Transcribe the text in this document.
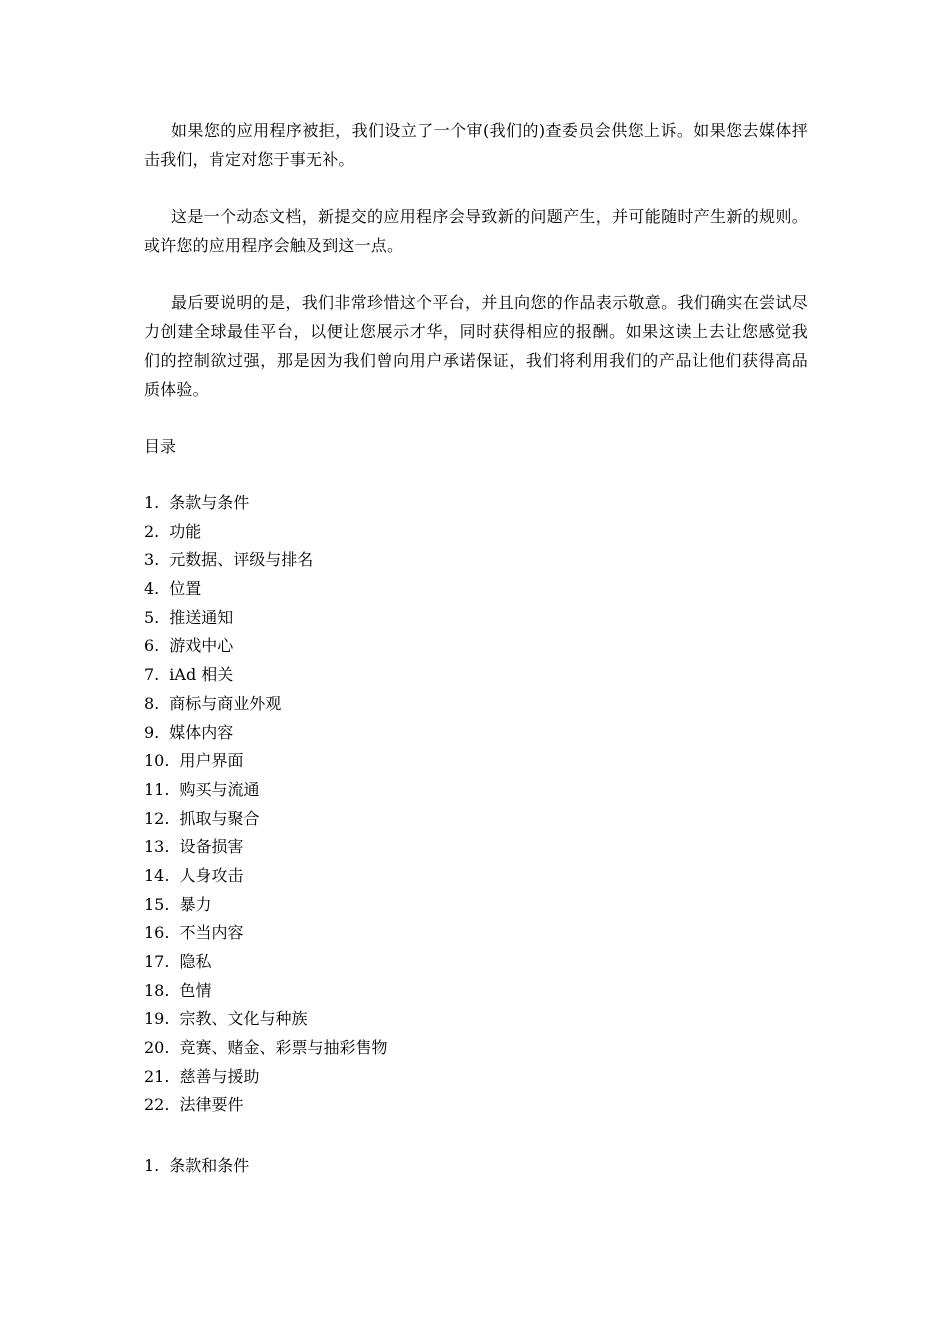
如果您的应用程序被拒，我们设立了一个审(我们的)查委员会供您上诉。如果您去媒体抨击我们，肯定对您于事无补。

这是一个动态文档，新提交的应用程序会导致新的问题产生，并可能随时产生新的规则。或许您的应用程序会触及到这一点。

最后要说明的是，我们非常珍惜这个平台，并且向您的作品表示敬意。我们确实在尝试尽力创建全球最佳平台，以便让您展示才华，同时获得相应的报酬。如果这读上去让您感觉我们的控制欲过强，那是因为我们曾向用户承诺保证，我们将利用我们的产品让他们获得高品质体验。

目录

1. 条款与条件
2. 功能
3. 元数据、评级与排名
4. 位置
5. 推送通知
6. 游戏中心
7. iAd 相关
8. 商标与商业外观
9. 媒体内容
10. 用户界面
11. 购买与流通
12. 抓取与聚合
13. 设备损害
14. 人身攻击
15. 暴力
16. 不当内容
17. 隐私
18. 色情
19. 宗教、文化与种族
20. 竞赛、赌金、彩票与抽彩售物
21. 慈善与援助
22. 法律要件

1. 条款和条件
